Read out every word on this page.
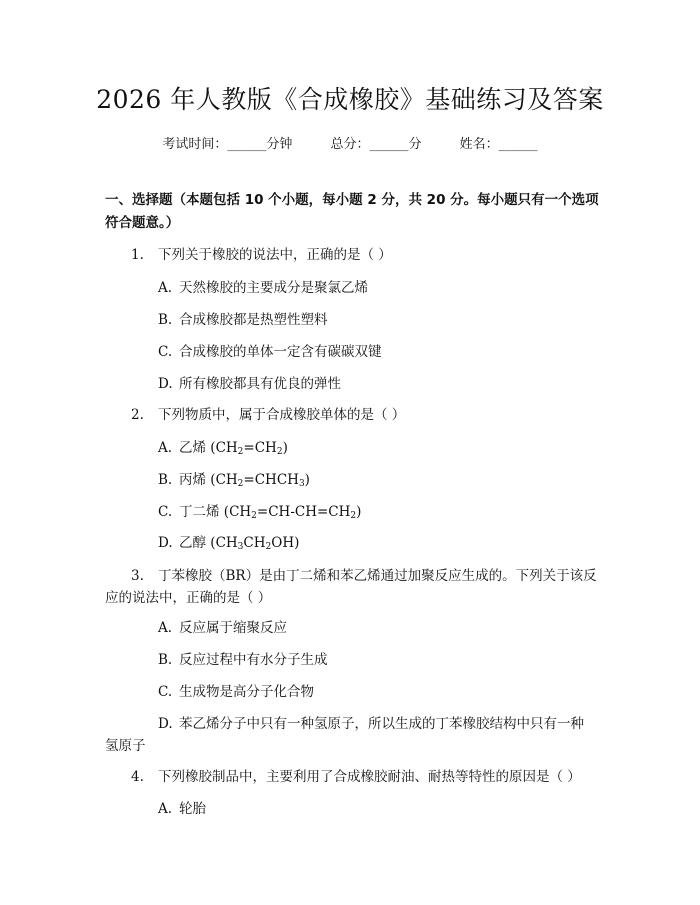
2026 年人教版《合成橡胶》基础练习及答案
考试时间：______分钟	总分：______分	姓名：______
一、选择题（本题包括 10 个小题，每小题 2 分，共 20 分。每小题只有一个选项符合题意。）
1. 下列关于橡胶的说法中，正确的是（ ）
A. 天然橡胶的主要成分是聚氯乙烯
B. 合成橡胶都是热塑性塑料
C. 合成橡胶的单体一定含有碳碳双键
D. 所有橡胶都具有优良的弹性
2. 下列物质中，属于合成橡胶单体的是（ ）
A. 乙烯 $(CH_2=CH_2)$
B. 丙烯 $(CH_2=CHCH_3)$
C. 丁二烯 $(CH_2=CH-CH=CH_2)$
D. 乙醇 $(CH_3CH_2OH)$
3. 丁苯橡胶（BR）是由丁二烯和苯乙烯通过加聚反应生成的。下列关于该反
应的说法中，正确的是（ ）
A. 反应属于缩聚反应
B. 反应过程中有水分子生成
C. 生成物是高分子化合物
D. 苯乙烯分子中只有一种氢原子，所以生成的丁苯橡胶结构中只有一种
氢原子
4. 下列橡胶制品中，主要利用了合成橡胶耐油、耐热等特性的原因是（ ）
A. 轮胎
